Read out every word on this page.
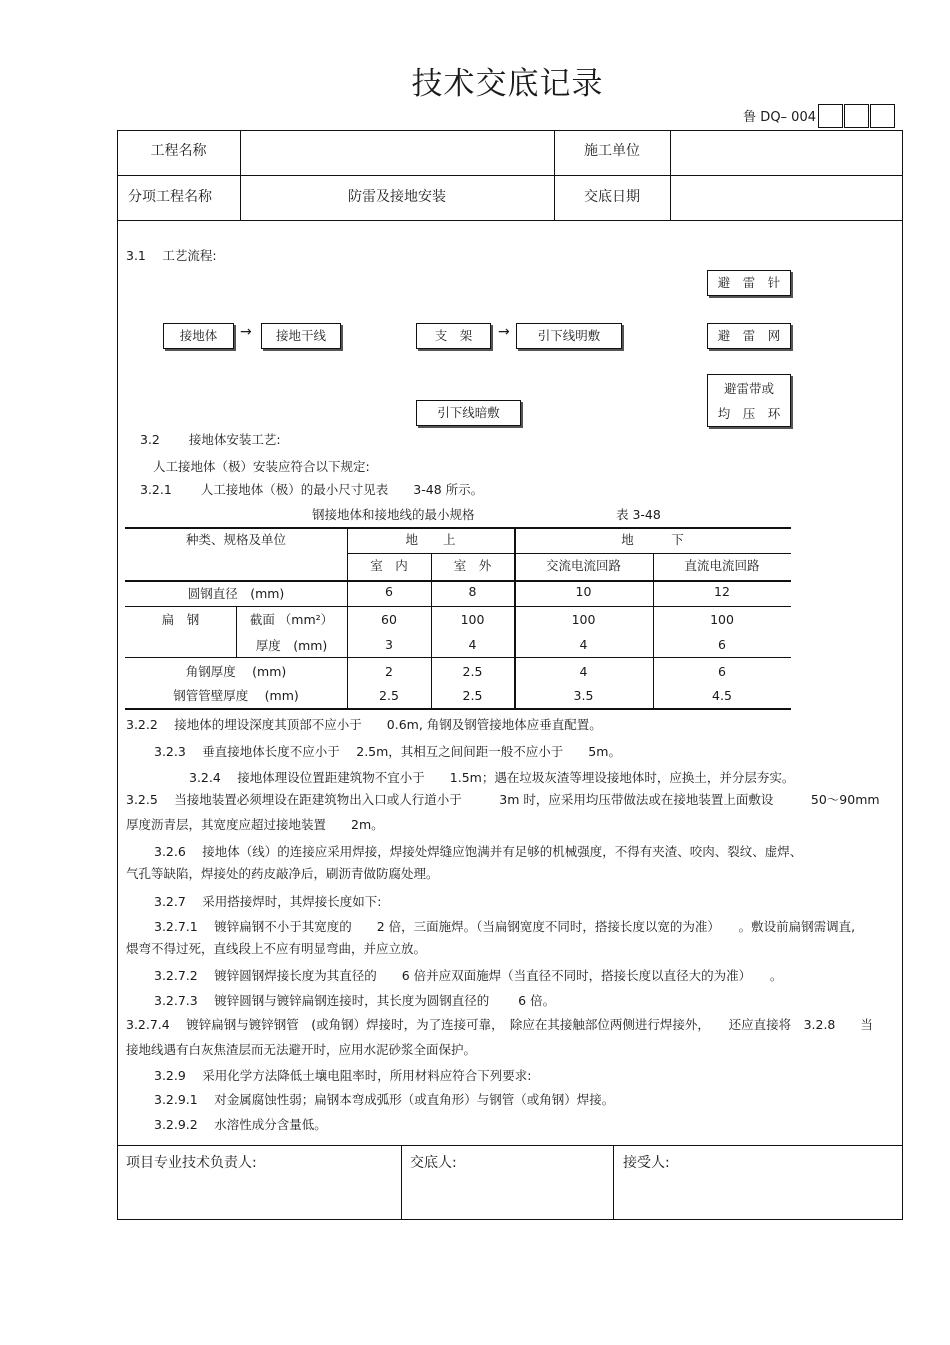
技术交底记录
鲁 DQ– 004
工程名称	施工单位
分项工程名称	防雷及接地安装	交底日期
3.1　 工艺流程:
避　雷　针
接地体	→	接地干线	支　架	→	引下线明敷	避　雷　网
避雷带或
均　压　环
引下线暗敷
3.2　　 接地体安装工艺:
人工接地体（极）安装应符合以下规定:
3.2.1　　 人工接地体（极）的最小尺寸见表　　3-48 所示。
钢接地体和接地线的最小规格	表 3-48
种类、规格及单位	地　　上	地　　　下
室　内	室　外	交流电流回路	直流电流回路
圆钢直径　(mm)	6	8	10	12
扁　钢	截面 （mm²）	60	100	100	100
厚度　(mm)	3	4	4	6
角钢厚度　 (mm)	2	2.5	4	6
钢管管壁厚度　 (mm)	2.5	2.5	3.5	4.5
3.2.2　 接地体的埋设深度其顶部不应小于　　0.6m, 角钢及钢管接地体应垂直配置。
3.2.3　 垂直接地体长度不应小于　 2.5m，其相互之间间距一般不应小于　　5m。
3.2.4　 接地体理设位置距建筑物不宜小于　　1.5m；遇在垃圾灰渣等埋设接地体时，应换土，并分层夯实。
3.2.5　 当接地装置必须埋设在距建筑物出入口或人行道小于　　　3m 时，应采用均压带做法或在接地装置上面敷设　　　50～90mm
厚度沥青层，其宽度应超过接地装置　　2m。
3.2.6　 接地体（线）的连接应采用焊接，焊接处焊缝应饱满并有足够的机械强度，不得有夹渣、咬肉、裂纹、虚焊、
气孔等缺陷，焊接处的药皮敲净后，刷沥青做防腐处理。
3.2.7　 采用搭接焊时，其焊接长度如下:
3.2.7.1　 镀锌扁钢不小于其宽度的　　2 倍，三面施焊。（当扁钢宽度不同时，搭接长度以宽的为准）　　。敷设前扁钢需调直,
煨弯不得过死，直线段上不应有明显弯曲，并应立放。
3.2.7.2　 镀锌圆钢焊接长度为其直径的　　6 倍并应双面施焊（当直径不同时，搭接长度以直径大的为准）　　。
3.2.7.3　 镀锌圆钢与镀锌扁钢连接时，其长度为圆钢直径的　　 6 倍。
3.2.7.4　 镀锌扁钢与镀锌钢管　(或角钢）焊接时，为了连接可靠，　除应在其接触部位两侧进行焊接外，　　还应直接将　3.2.8　　当
接地线遇有白灰焦渣层而无法避开时，应用水泥砂浆全面保护。
3.2.9　 采用化学方法降低土壤电阻率时，所用材料应符合下列要求:
3.2.9.1　 对金属腐蚀性弱；扁钢本弯成弧形（或直角形）与钢管（或角钢）焊接。
3.2.9.2　 水溶性成分含量低。
项目专业技术负责人:	交底人:	接受人:
